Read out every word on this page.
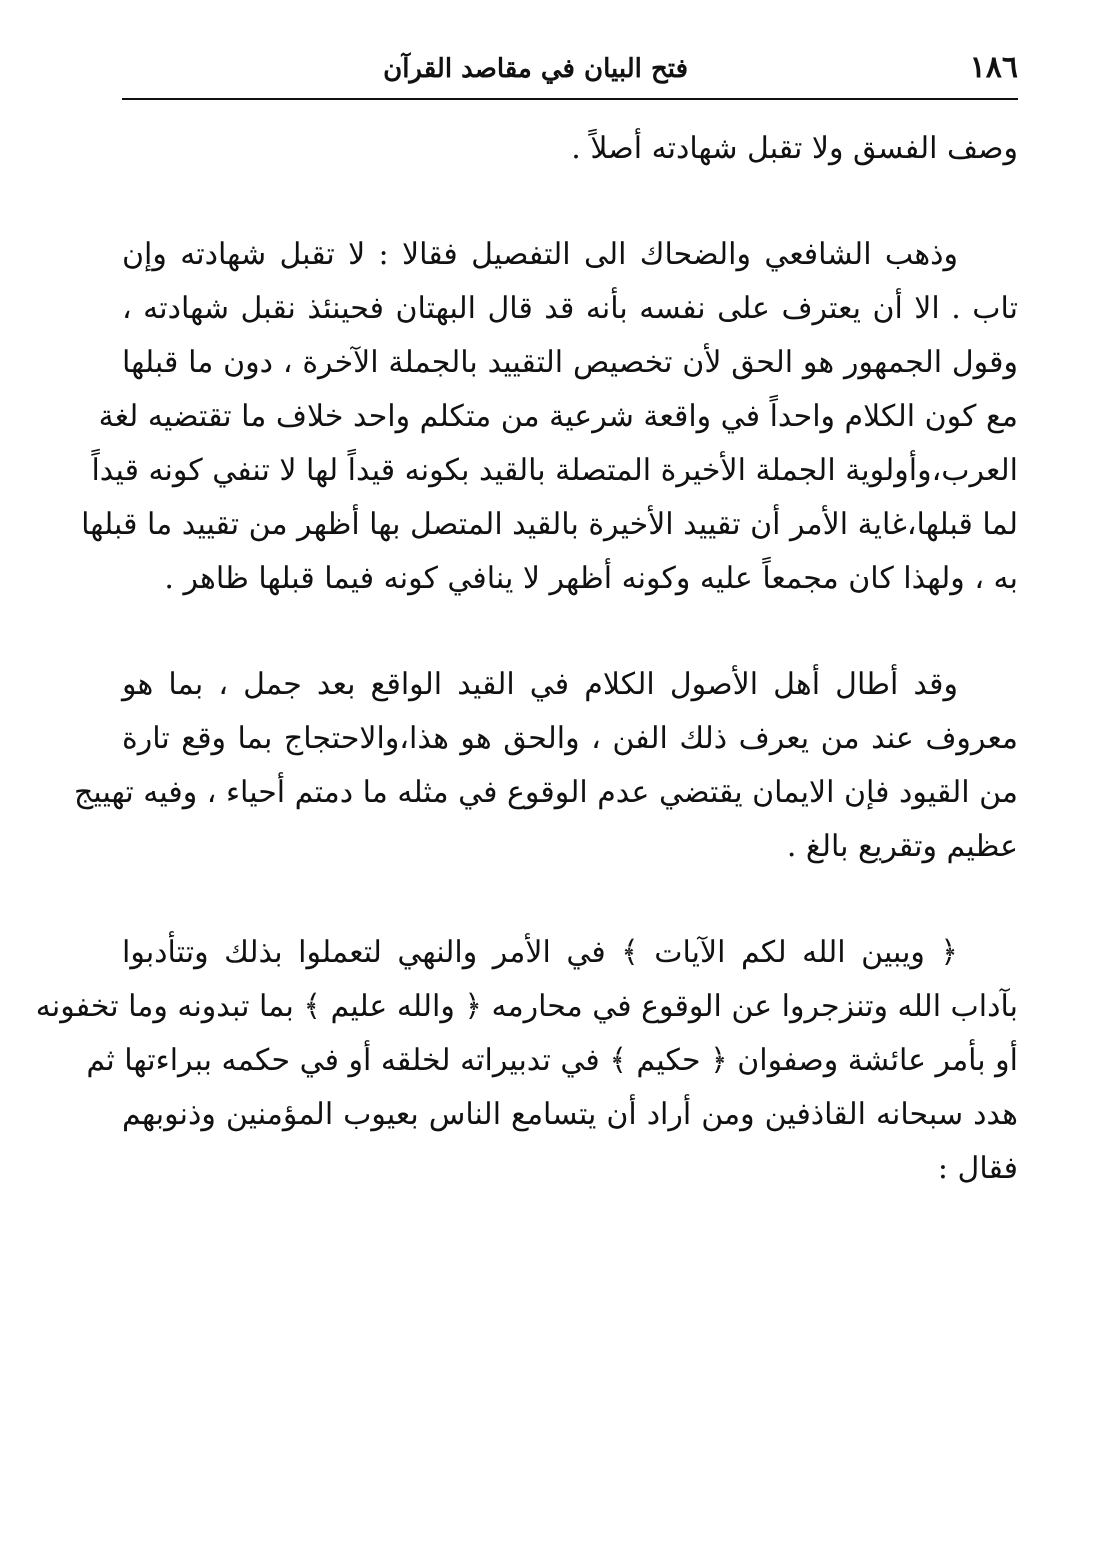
١٨٦
فتح البيان في مقاصد القرآن
وصف الفسق ولا تقبل شهادته أصلاً .
وذهب الشافعي والضحاك الى التفصيل فقالا : لا تقبل شهادته وإن
تاب . الا أن يعترف على نفسه بأنه قد قال البهتان فحينئذ نقبل شهادته ،
وقول الجمهور هو الحق لأن تخصيص التقييد بالجملة الآخرة ، دون ما قبلها
مع كون الكلام واحداً في واقعة شرعية من متكلم واحد خلاف ما تقتضيه لغة
العرب،وأولوية الجملة الأخيرة المتصلة بالقيد بكونه قيداً لها لا تنفي كونه قيداً
لما قبلها،غاية الأمر أن تقييد الأخيرة بالقيد المتصل بها أظهر من تقييد ما قبلها
به ، ولهذا كان مجمعاً عليه وكونه أظهر لا ينافي كونه فيما قبلها ظاهر .
وقد أطال أهل الأصول الكلام في القيد الواقع بعد جمل ، بما هو
معروف عند من يعرف ذلك الفن ، والحق هو هذا،والاحتجاج بما وقع تارة
من القيود فإن الايمان يقتضي عدم الوقوع في مثله ما دمتم أحياء ، وفيه تهييج
عظيم وتقريع بالغ .
﴿ ويبين الله لكم الآيات ﴾ في الأمر والنهي لتعملوا بذلك وتتأدبوا
بآداب الله وتنزجروا عن الوقوع في محارمه ﴿ والله عليم ﴾ بما تبدونه وما تخفونه
أو بأمر عائشة وصفوان ﴿ حكيم ﴾ في تدبيراته لخلقه أو في حكمه ببراءتها ثم
هدد سبحانه القاذفين ومن أراد أن يتسامع الناس بعيوب المؤمنين وذنوبهم
فقال :
